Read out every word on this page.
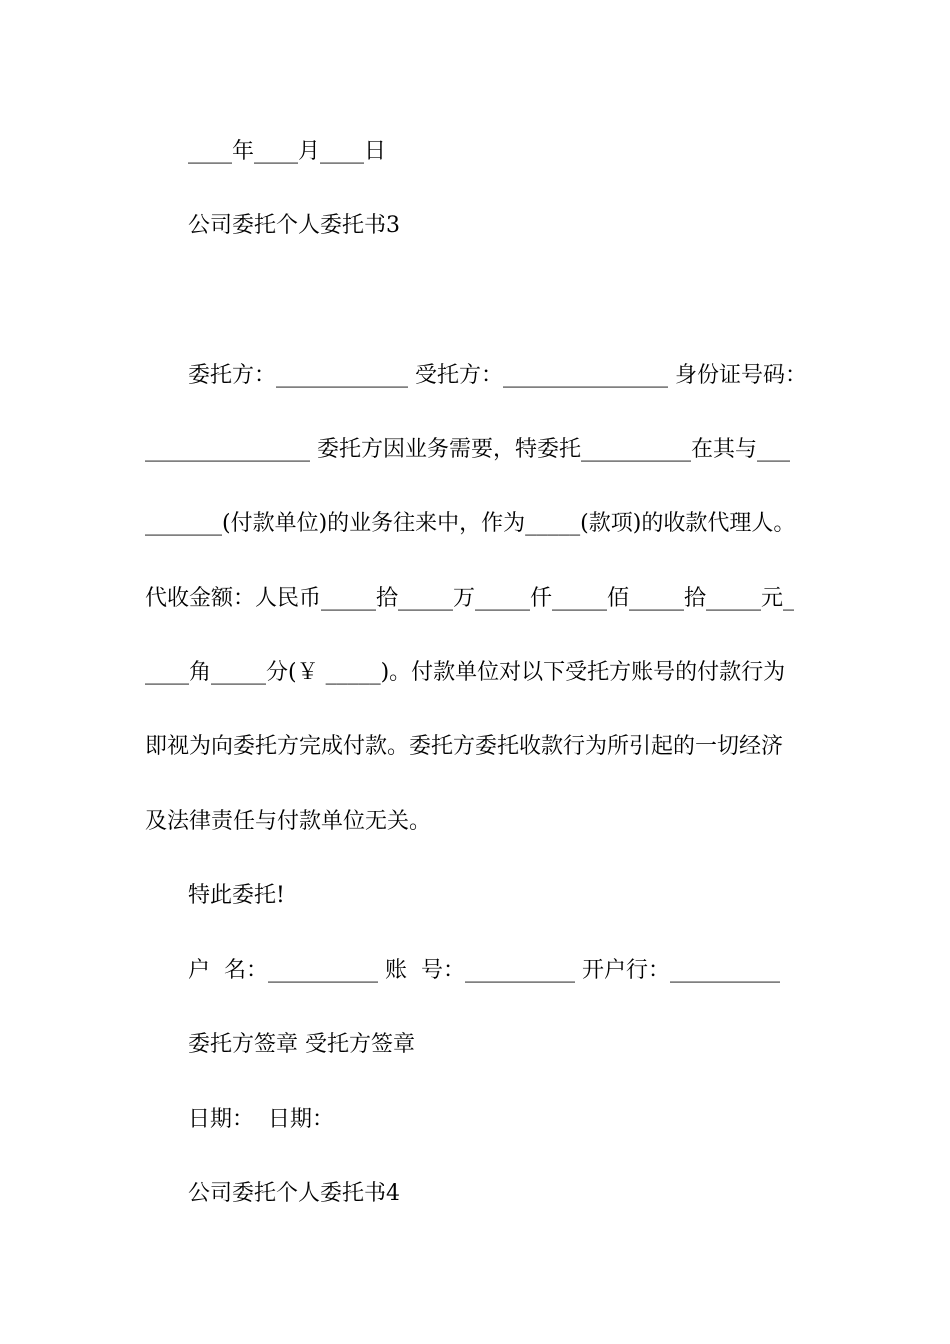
____年____月____日
公司委托个人委托书3
委托方：____________ 受托方：_______________ 身份证号码：
_______________ 委托方因业务需要，特委托__________在其与___
_______(付款单位)的业务往来中，作为_____(款项)的收款代理人。
代收金额：人民币_____拾_____万_____仟_____佰_____拾_____元_
____角_____分(￥ _____)。付款单位对以下受托方账号的付款行为
即视为向委托方完成付款。委托方委托收款行为所引起的一切经济
及法律责任与付款单位无关。
特此委托!
户  名：__________ 账  号：__________ 开户行：__________
委托方签章 受托方签章
日期：  日期：
公司委托个人委托书4
